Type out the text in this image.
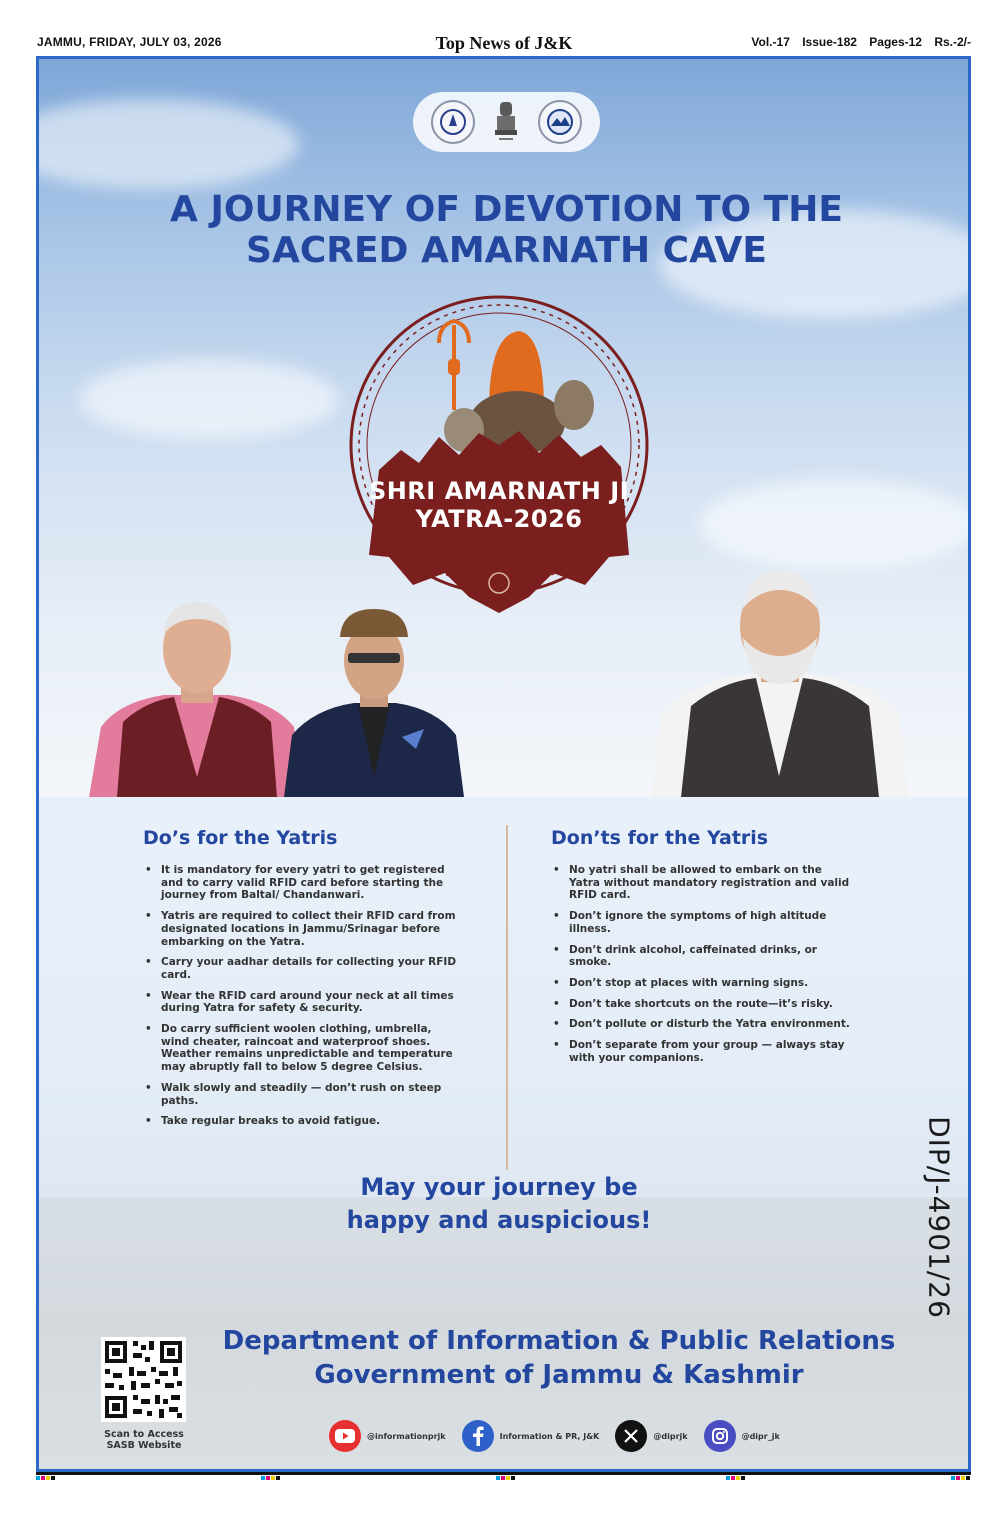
JAMMU, FRIDAY, JULY 03, 2026	Top News of J&K	Vol.-17 Issue-182 Pages-12 Rs.-2/-
A JOURNEY OF DEVOTION TO THE
SACRED AMARNATH CAVE
SHRI AMARNATH JI
YATRA-2026
Do’s for the Yatris
• It is mandatory for every yatri to get registered and to carry valid RFID card before starting the journey from Baltal/ Chandanwari.
• Yatris are required to collect their RFID card from designated locations in Jammu/Srinagar before embarking on the Yatra.
• Carry your aadhar details for collecting your RFID card.
• Wear the RFID card around your neck at all times during Yatra for safety & security.
• Do carry sufficient woolen clothing, umbrella, wind cheater, raincoat and waterproof shoes. Weather remains unpredictable and temperature may abruptly fall to below 5 degree Celsius.
• Walk slowly and steadily — don’t rush on steep paths.
• Take regular breaks to avoid fatigue.
Don’ts for the Yatris
• No yatri shall be allowed to embark on the Yatra without mandatory registration and valid RFID card.
• Don’t ignore the symptoms of high altitude illness.
• Don’t drink alcohol, caffeinated drinks, or smoke.
• Don’t stop at places with warning signs.
• Don’t take shortcuts on the route—it’s risky.
• Don’t pollute or disturb the Yatra environment.
• Don’t separate from your group — always stay with your companions.
May your journey be
happy and auspicious!	DIP/J-4901/26
Department of Information & Public Relations
Government of Jammu & Kashmir
Scan to Access
SASB Website
@informationprjk	Information & PR, J&K	@diprjk	@dipr_jk
